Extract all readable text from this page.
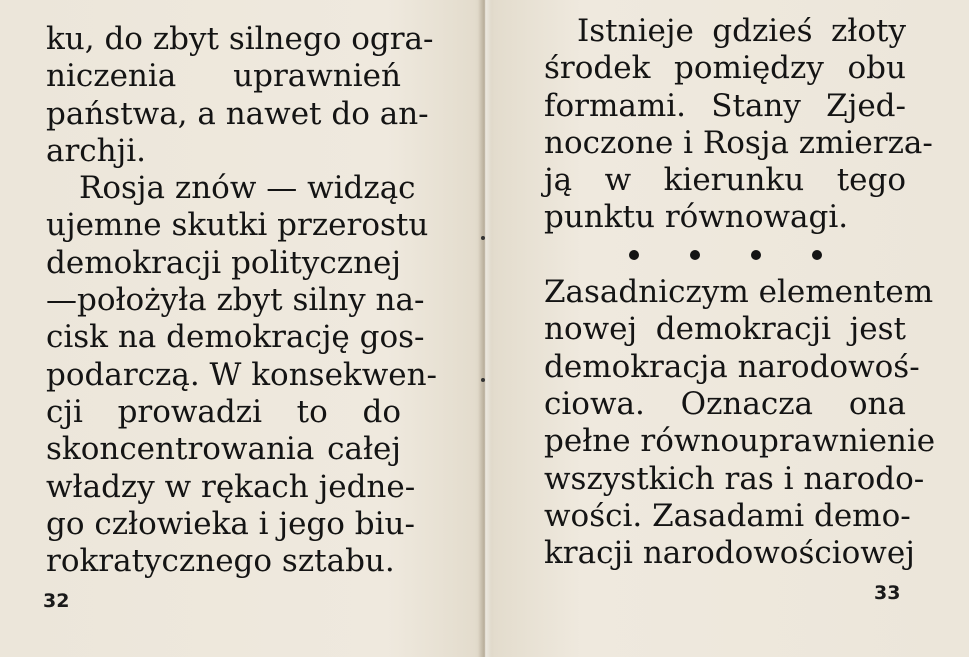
ku, do zbyt silnego ogra-
niczenia uprawnień
państwa, a nawet do an-
archji.
Rosja znów — widząc
ujemne skutki przerostu
demokracji politycznej
—położyła zbyt silny na-
cisk na demokrację gos-
podarczą. W konsekwen-
cji prowadzi to do
skoncentrowania całej
władzy w rękach jedne-
go człowieka i jego biu-
rokratycznego sztabu.
32
Istnieje gdzieś złoty
środek pomiędzy obu
formami. Stany Zjed-
noczone i Rosja zmierza-
ją w kierunku tego
punktu równowagi.
Zasadniczym elementem
nowej demokracji jest
demokracja narodowoś-
ciowa. Oznacza ona
pełne równouprawnienie
wszystkich ras i narodo-
wości. Zasadami demo-
kracji narodowościowej
33
